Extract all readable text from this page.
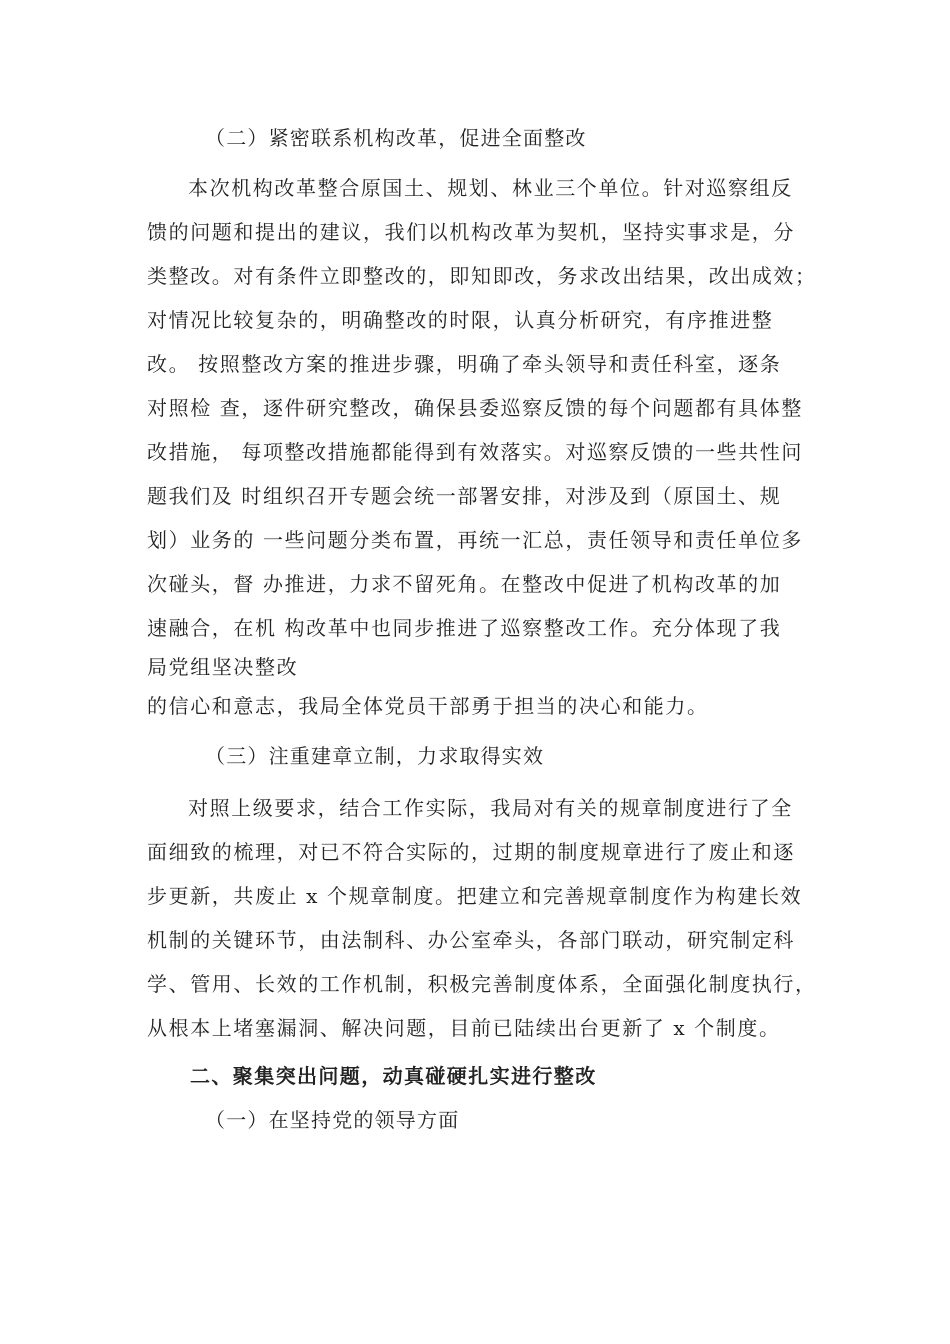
（二）紧密联系机构改革，促进全面整改
本次机构改革整合原国土、规划、林业三个单位。针对巡察组反
馈的问题和提出的建议，我们以机构改革为契机，坚持实事求是，分
类整改。对有条件立即整改的，即知即改，务求改出结果，改出成效；
对情况比较复杂的，明确整改的时限，认真分析研究，有序推进整
改。 按照整改方案的推进步骤，明确了牵头领导和责任科室，逐条
对照检 查，逐件研究整改，确保县委巡察反馈的每个问题都有具体整
改措施， 每项整改措施都能得到有效落实。对巡察反馈的一些共性问
题我们及 时组织召开专题会统一部署安排，对涉及到（原国土、规
划）业务的 一些问题分类布置，再统一汇总，责任领导和责任单位多
次碰头，督 办推进，力求不留死角。在整改中促进了机构改革的加
速融合，在机 构改革中也同步推进了巡察整改工作。充分体现了我
局党组坚决整改
的信心和意志，我局全体党员干部勇于担当的决心和能力。
（三）注重建章立制，力求取得实效
对照上级要求，结合工作实际，我局对有关的规章制度进行了全
面细致的梳理，对已不符合实际的，过期的制度规章进行了废止和逐
步更新，共废止 x 个规章制度。把建立和完善规章制度作为构建长效
机制的关键环节，由法制科、办公室牵头，各部门联动，研究制定科
学、管用、长效的工作机制，积极完善制度体系，全面强化制度执行，
从根本上堵塞漏洞、解决问题，目前已陆续出台更新了 x 个制度。
二、聚集突出问题，动真碰硬扎实进行整改
（一）在坚持党的领导方面
